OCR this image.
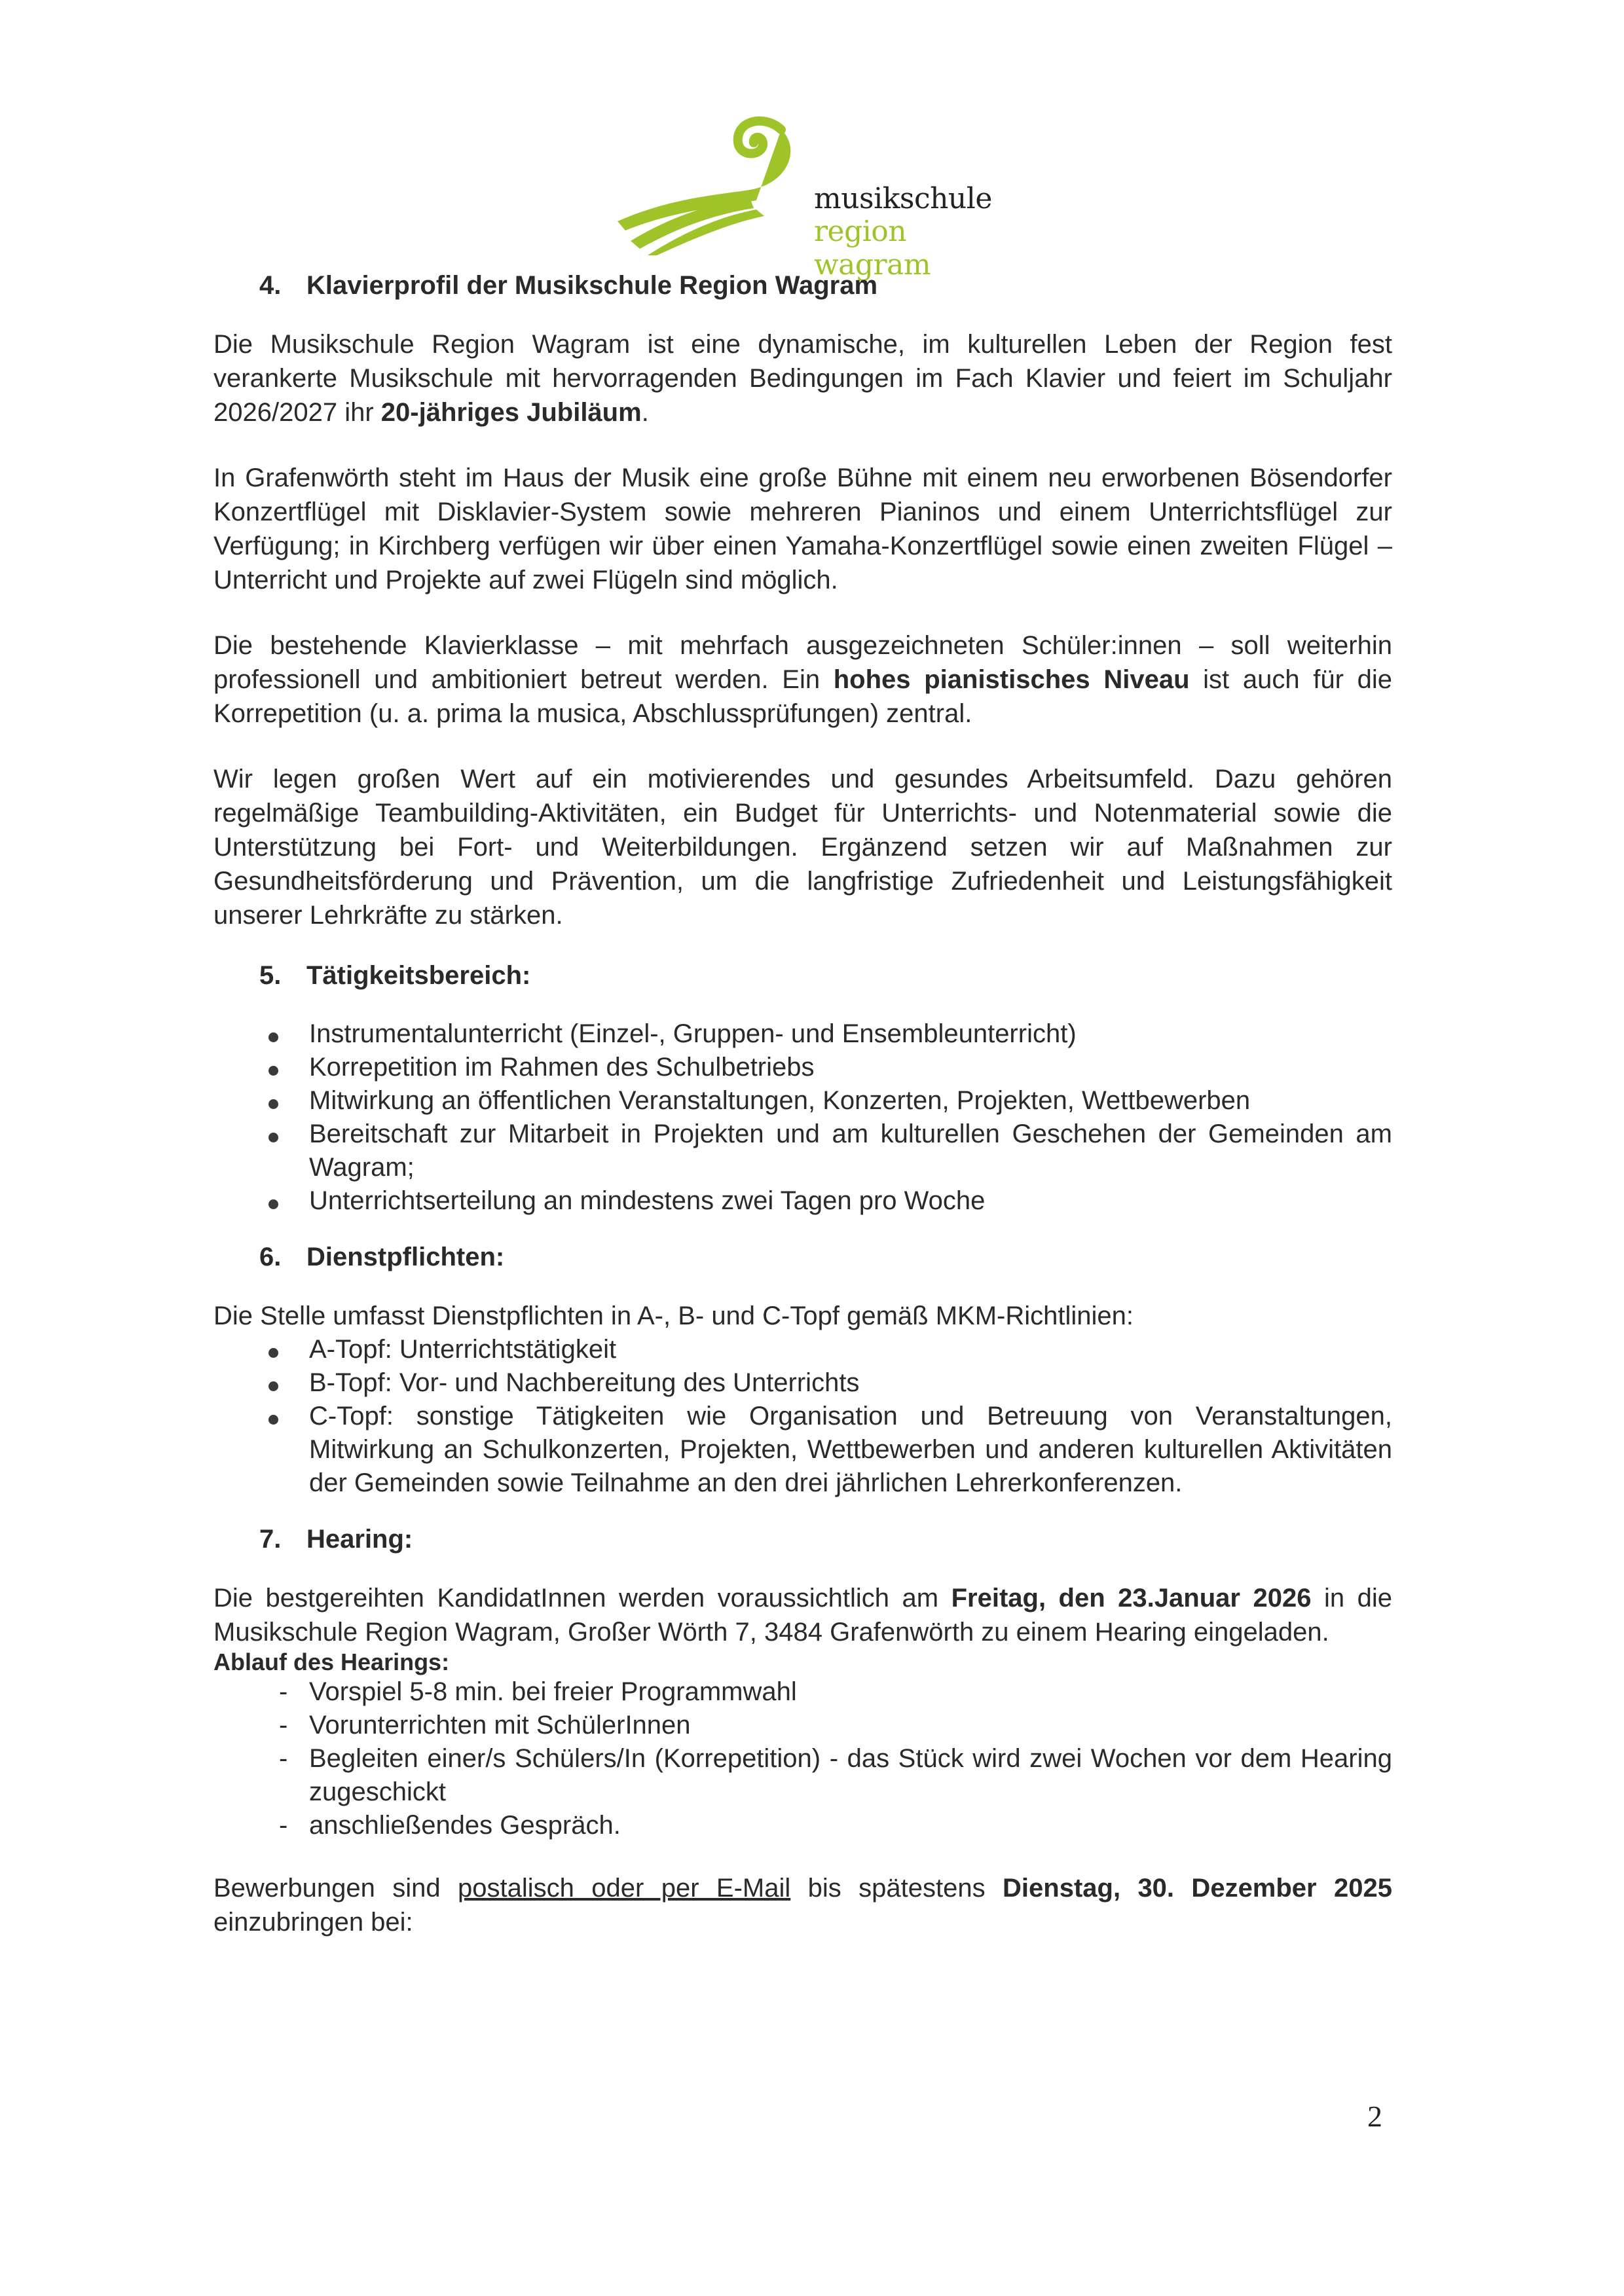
musikschule
region wagram
4. Klavierprofil der Musikschule Region Wagram

Die Musikschule Region Wagram ist eine dynamische, im kulturellen Leben der Region fest verankerte Musikschule mit hervorragenden Bedingungen im Fach Klavier und feiert im Schuljahr 2026/2027 ihr 20-jähriges Jubiläum.

In Grafenwörth steht im Haus der Musik eine große Bühne mit einem neu erworbenen Bösendorfer Konzertflügel mit Disklavier-System sowie mehreren Pianinos und einem Unterrichtsflügel zur Verfügung; in Kirchberg verfügen wir über einen Yamaha-Konzertflügel sowie einen zweiten Flügel – Unterricht und Projekte auf zwei Flügeln sind möglich.

Die bestehende Klavierklasse – mit mehrfach ausgezeichneten Schüler:innen – soll weiterhin professionell und ambitioniert betreut werden. Ein hohes pianistisches Niveau ist auch für die Korrepetition (u. a. prima la musica, Abschlussprüfungen) zentral.

Wir legen großen Wert auf ein motivierendes und gesundes Arbeitsumfeld. Dazu gehören regelmäßige Teambuilding-Aktivitäten, ein Budget für Unterrichts- und Notenmaterial sowie die Unterstützung bei Fort- und Weiterbildungen. Ergänzend setzen wir auf Maßnahmen zur Gesundheitsförderung und Prävention, um die langfristige Zufriedenheit und Leistungsfähigkeit unserer Lehrkräfte zu stärken.

5. Tätigkeitsbereich:
Instrumentalunterricht (Einzel-, Gruppen- und Ensembleunterricht)
Korrepetition im Rahmen des Schulbetriebs
Mitwirkung an öffentlichen Veranstaltungen, Konzerten, Projekten, Wettbewerben
Bereitschaft zur Mitarbeit in Projekten und am kulturellen Geschehen der Gemeinden am Wagram;
Unterrichtserteilung an mindestens zwei Tagen pro Woche
6. Dienstpflichten:

Die Stelle umfasst Dienstpflichten in A-, B- und C-Topf gemäß MKM-Richtlinien:

A-Topf: Unterrichtstätigkeit
B-Topf: Vor- und Nachbereitung des Unterrichts
C-Topf: sonstige Tätigkeiten wie Organisation und Betreuung von Veranstaltungen, Mitwirkung an Schulkonzerten, Projekten, Wettbewerben und anderen kulturellen Aktivitäten der Gemeinden sowie Teilnahme an den drei jährlichen Lehrerkonferenzen.
7. Hearing:

Die bestgereihten KandidatInnen werden voraussichtlich am Freitag, den 23.Januar 2026 in die Musikschule Region Wagram, Großer Wörth 7, 3484 Grafenwörth zu einem Hearing eingeladen.

Ablauf des Hearings:

- Vorspiel 5-8 min. bei freier Programmwahl
- Vorunterrichten mit SchülerInnen
- Begleiten einer/s Schülers/In (Korrepetition) - das Stück wird zwei Wochen vor dem Hearing zugeschickt
- anschließendes Gespräch.

Bewerbungen sind postalisch oder per E-Mail bis spätestens Dienstag, 30. Dezember 2025 einzubringen bei:

2
